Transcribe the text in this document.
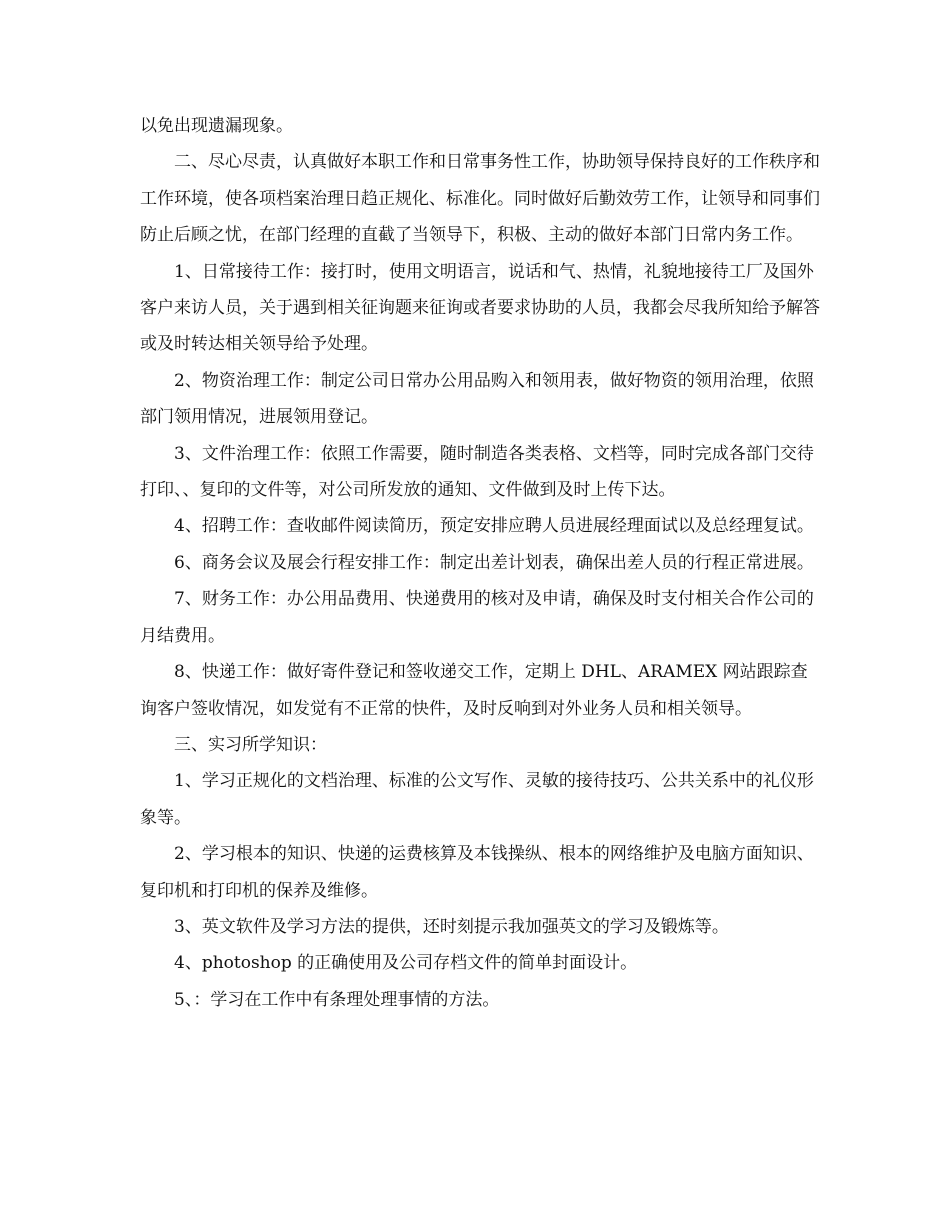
以免出现遗漏现象。

二、尽心尽责，认真做好本职工作和日常事务性工作，协助领导保持良好的工作秩序和工作环境，使各项档案治理日趋正规化、标准化。同时做好后勤效劳工作，让领导和同事们防止后顾之忧，在部门经理的直截了当领导下，积极、主动的做好本部门日常内务工作。

1、日常接待工作：接打时，使用文明语言，说话和气、热情，礼貌地接待工厂及国外客户来访人员，关于遇到相关征询题来征询或者要求协助的人员，我都会尽我所知给予解答或及时转达相关领导给予处理。

2、物资治理工作：制定公司日常办公用品购入和领用表，做好物资的领用治理，依照部门领用情况，进展领用登记。

3、文件治理工作：依照工作需要，随时制造各类表格、文档等，同时完成各部门交待打印、、复印的文件等，对公司所发放的通知、文件做到及时上传下达。

4、招聘工作：查收邮件阅读简历，预定安排应聘人员进展经理面试以及总经理复试。

6、商务会议及展会行程安排工作：制定出差计划表，确保出差人员的行程正常进展。

7、财务工作：办公用品费用、快递费用的核对及申请，确保及时支付相关合作公司的月结费用。

8、快递工作：做好寄件登记和签收递交工作，定期上 DHL、ARAMEX 网站跟踪查询客户签收情况，如发觉有不正常的快件，及时反响到对外业务人员和相关领导。

三、实习所学知识：

1、学习正规化的文档治理、标准的公文写作、灵敏的接待技巧、公共关系中的礼仪形象等。

2、学习根本的知识、快递的运费核算及本钱操纵、根本的网络维护及电脑方面知识、复印机和打印机的保养及维修。

3、英文软件及学习方法的提供，还时刻提示我加强英文的学习及锻炼等。

4、photoshop 的正确使用及公司存档文件的简单封面设计。

5、：学习在工作中有条理处理事情的方法。
